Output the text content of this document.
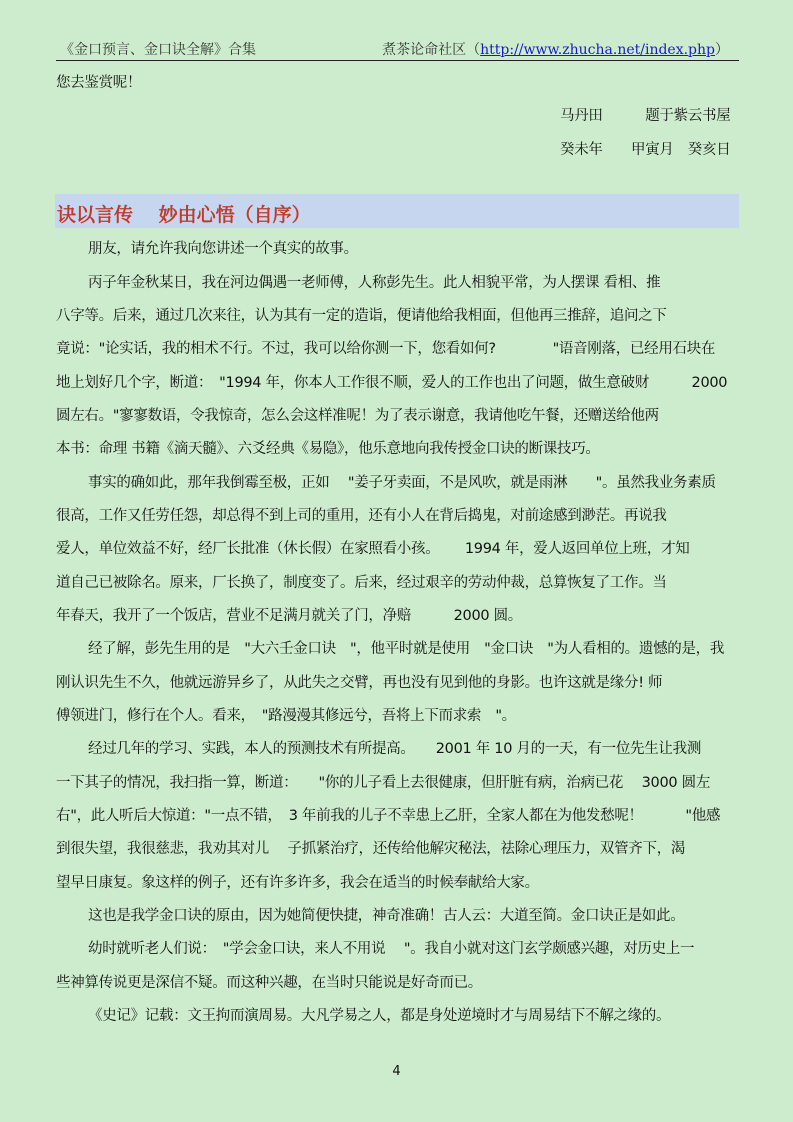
《金口预言、金口诀全解》合集	煮茶论命社区（http://www.zhucha.net/index.php）
您去鉴赏呢！
马丹田　　　题于紫云书屋
癸未年　　甲寅月　癸亥日
诀以言传　 妙由心悟（自序）
朋友，请允许我向您讲述一个真实的故事。
丙子年金秋某日，我在河边偶遇一老师傅，人称彭先生。此人相貌平常，为人摆课 看相、推
八字等。后来，通过几次来往，认为其有一定的造诣，便请他给我相面，但他再三推辞，追问之下
竟说："论实话，我的相术不行。不过，我可以给你测一下，您看如何?　　　　"语音刚落，已经用石块在
地上划好几个字，断道：　"1994 年，你本人工作很不顺，爱人的工作也出了问题，做生意破财　　　2000
圆左右。"寥寥数语，令我惊奇，怎么会这样准呢！为了表示谢意，我请他吃午餐，还赠送给他两
本书：命理 书籍《滴天髓》、六爻经典《易隐》，他乐意地向我传授金口诀的断课技巧。
事实的确如此，那年我倒霉至极，正如　 "姜子牙卖面，不是风吹，就是雨淋　　"。虽然我业务素质
很高，工作又任劳任怨，却总得不到上司的重用，还有小人在背后捣鬼，对前途感到渺茫。再说我
爱人，单位效益不好，经厂长批准（休长假）在家照看小孩。　　 1994 年，爱人返回单位上班，才知
道自己已被除名。原来，厂长换了，制度变了。后来，经过艰辛的劳动仲裁，总算恢复了工作。当
年春天，我开了一个饭店，营业不足满月就关了门，净赔　　　2000 圆。
经了解，彭先生用的是　"大六壬金口诀　"，他平时就是使用　"金口诀　"为人看相的。遗憾的是，我
刚认识先生不久，他就远游异乡了，从此失之交臂，再也没有见到他的身影。也许这就是缘分! 师
傅领进门，修行在个人。看来，　"路漫漫其修远兮，吾将上下而求索　"。
经过几年的学习、实践，本人的预测技术有所提高。　　2001 年 10 月的一天，有一位先生让我测
一下其子的情况，我扫指一算，断道：　　"你的儿子看上去很健康，但肝脏有病，治病已花　 3000 圆左
右"，此人听后大惊道："一点不错，　3 年前我的儿子不幸患上乙肝，全家人都在为他发愁呢！　　　"他感
到很失望，我很慈悲，我劝其对儿　 子抓紧治疗，还传给他解灾秘法，祛除心理压力，双管齐下，渴
望早日康复。象这样的例子，还有许多许多，我会在适当的时候奉献给大家。
这也是我学金口诀的原由，因为她简便快捷，神奇准确！古人云：大道至简。金口诀正是如此。
幼时就听老人们说：　"学会金口诀，来人不用说　 "。我自小就对这门玄学颇感兴趣，对历史上一
些神算传说更是深信不疑。而这种兴趣，在当时只能说是好奇而已。
《史记》记载：文王拘而演周易。大凡学易之人，都是身处逆境时才与周易结下不解之缘的。
4
